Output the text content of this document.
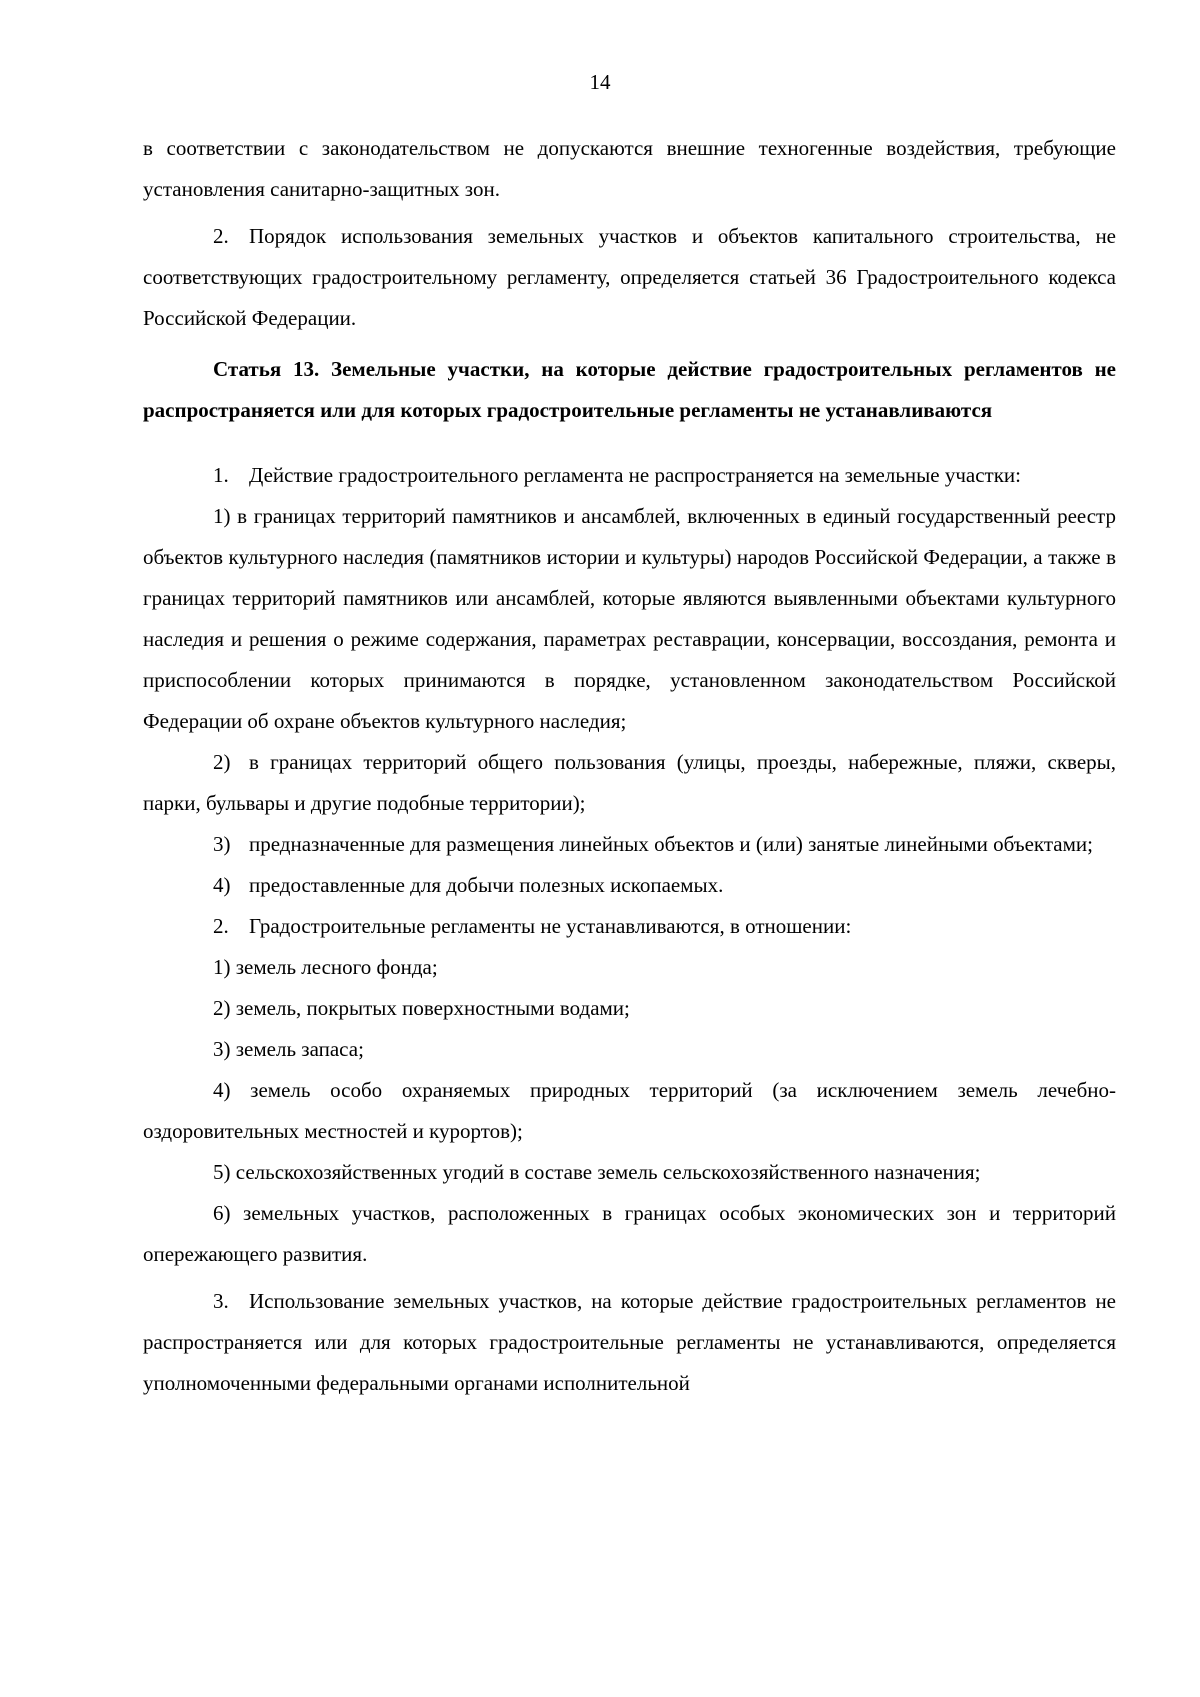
14

в соответствии с законодательством не допускаются внешние техногенные воздействия, требующие установления санитарно-защитных зон.

2. Порядок использования земельных участков и объектов капитального строительства, не соответствующих градостроительному регламенту, определяется статьей 36 Градостроительного кодекса Российской Федерации.

Статья 13. Земельные участки, на которые действие градостроительных регламентов не распространяется или для которых градостроительные регламенты не устанавливаются

1. Действие градостроительного регламента не распространяется на земельные участки:

1) в границах территорий памятников и ансамблей, включенных в единый государственный реестр объектов культурного наследия (памятников истории и культуры) народов Российской Федерации, а также в границах территорий памятников или ансамблей, которые являются выявленными объектами культурного наследия и решения о режиме содержания, параметрах реставрации, консервации, воссоздания, ремонта и приспособлении которых принимаются в порядке, установленном законодательством Российской Федерации об охране объектов культурного наследия;

2) в границах территорий общего пользования (улицы, проезды, набережные, пляжи, скверы, парки, бульвары и другие подобные территории);

3) предназначенные для размещения линейных объектов и (или) занятые линейными объектами;

4) предоставленные для добычи полезных ископаемых.

2. Градостроительные регламенты не устанавливаются, в отношении:

1) земель лесного фонда;

2) земель, покрытых поверхностными водами;

3) земель запаса;

4) земель особо охраняемых природных территорий (за исключением земель лечебно-оздоровительных местностей и курортов);

5) сельскохозяйственных угодий в составе земель сельскохозяйственного назначения;

6) земельных участков, расположенных в границах особых экономических зон и территорий опережающего развития.

3. Использование земельных участков, на которые действие градостроительных регламентов не распространяется или для которых градостроительные регламенты не устанавливаются, определяется уполномоченными федеральными органами исполнительной
